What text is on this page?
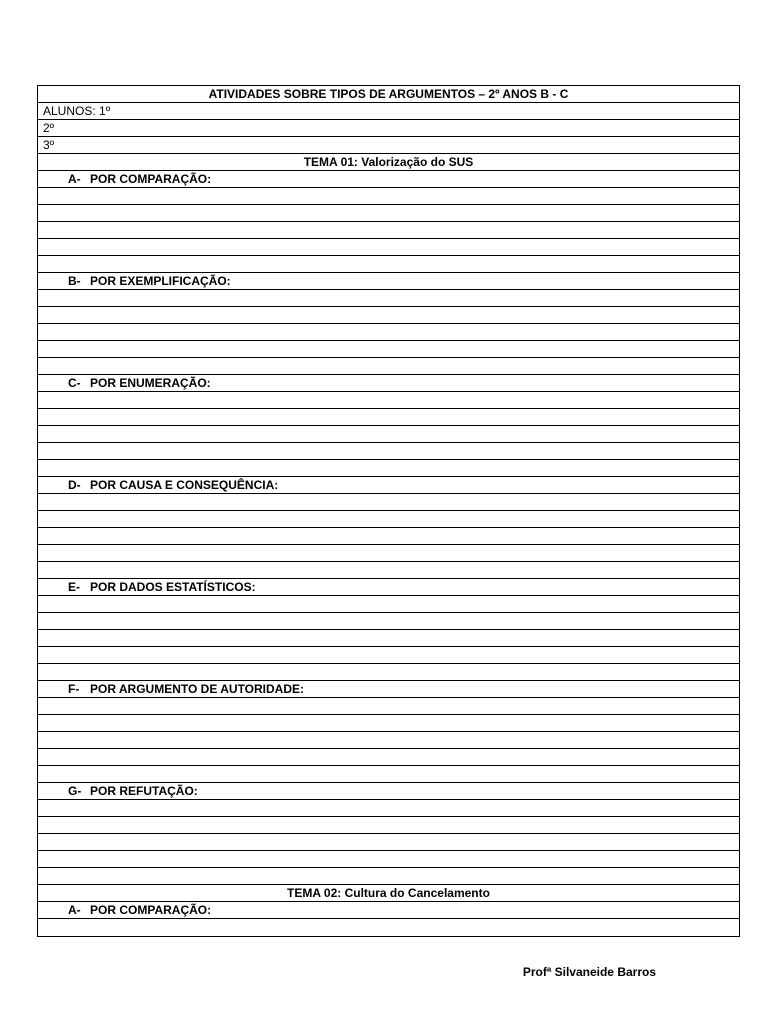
ATIVIDADES SOBRE TIPOS DE ARGUMENTOS – 2º ANOS B - C
ALUNOS: 1º
2º
3º
TEMA 01: Valorização do SUS
A- POR COMPARAÇÃO:
B- POR EXEMPLIFICAÇÃO:
C- POR ENUMERAÇÃO:
D- POR CAUSA E CONSEQUÊNCIA:
E- POR DADOS ESTATÍSTICOS:
F- POR ARGUMENTO DE AUTORIDADE:
G- POR REFUTAÇÃO:
TEMA 02: Cultura do Cancelamento
A- POR COMPARAÇÃO:
Profª Silvaneide Barros
